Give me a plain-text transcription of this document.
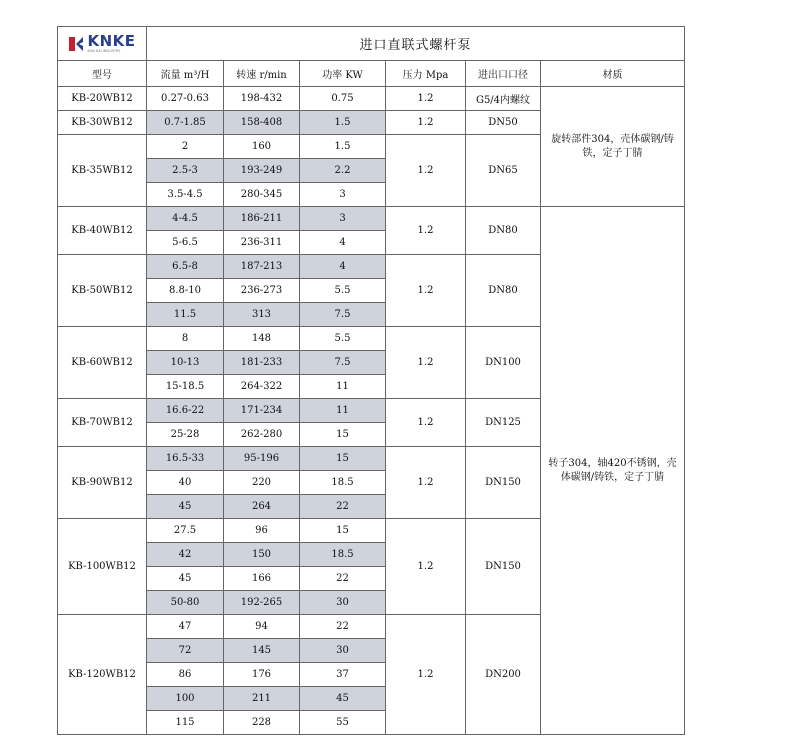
KNKE
KUN KAI INDUSTRY	进口直联式螺杆泵					
型号	流量 m³/H	转速 r/min	功率 KW	压力 Mpa	进出口口径	材质
KB-20WB12	0.27-0.63	198-432	0.75	1.2	G5/4内螺纹	旋转部件304，壳体碳钢/铸铁，定子丁腈
KB-30WB12	0.7-1.85	158-408	1.5	1.2	DN50	
KB-35WB12	2	160	1.5	1.2	DN65	
	2.5-3	193-249	2.2			
	3.5-4.5	280-345	3			
KB-40WB12	4-4.5	186-211	3	1.2	DN80	转子304，轴420不锈钢，壳体碳钢/铸铁，定子丁腈
	5-6.5	236-311	4			
KB-50WB12	6.5-8	187-213	4	1.2	DN80	
	8.8-10	236-273	5.5			
	11.5	313	7.5			
KB-60WB12	8	148	5.5	1.2	DN100	
	10-13	181-233	7.5			
	15-18.5	264-322	11			
KB-70WB12	16.6-22	171-234	11	1.2	DN125	
	25-28	262-280	15			
KB-90WB12	16.5-33	95-196	15	1.2	DN150	
	40	220	18.5			
	45	264	22			
KB-100WB12	27.5	96	15	1.2	DN150	
	42	150	18.5			
	45	166	22			
	50-80	192-265	30			
KB-120WB12	47	94	22	1.2	DN200	
	72	145	30			
	86	176	37			
	100	211	45			
	115	228	55			
